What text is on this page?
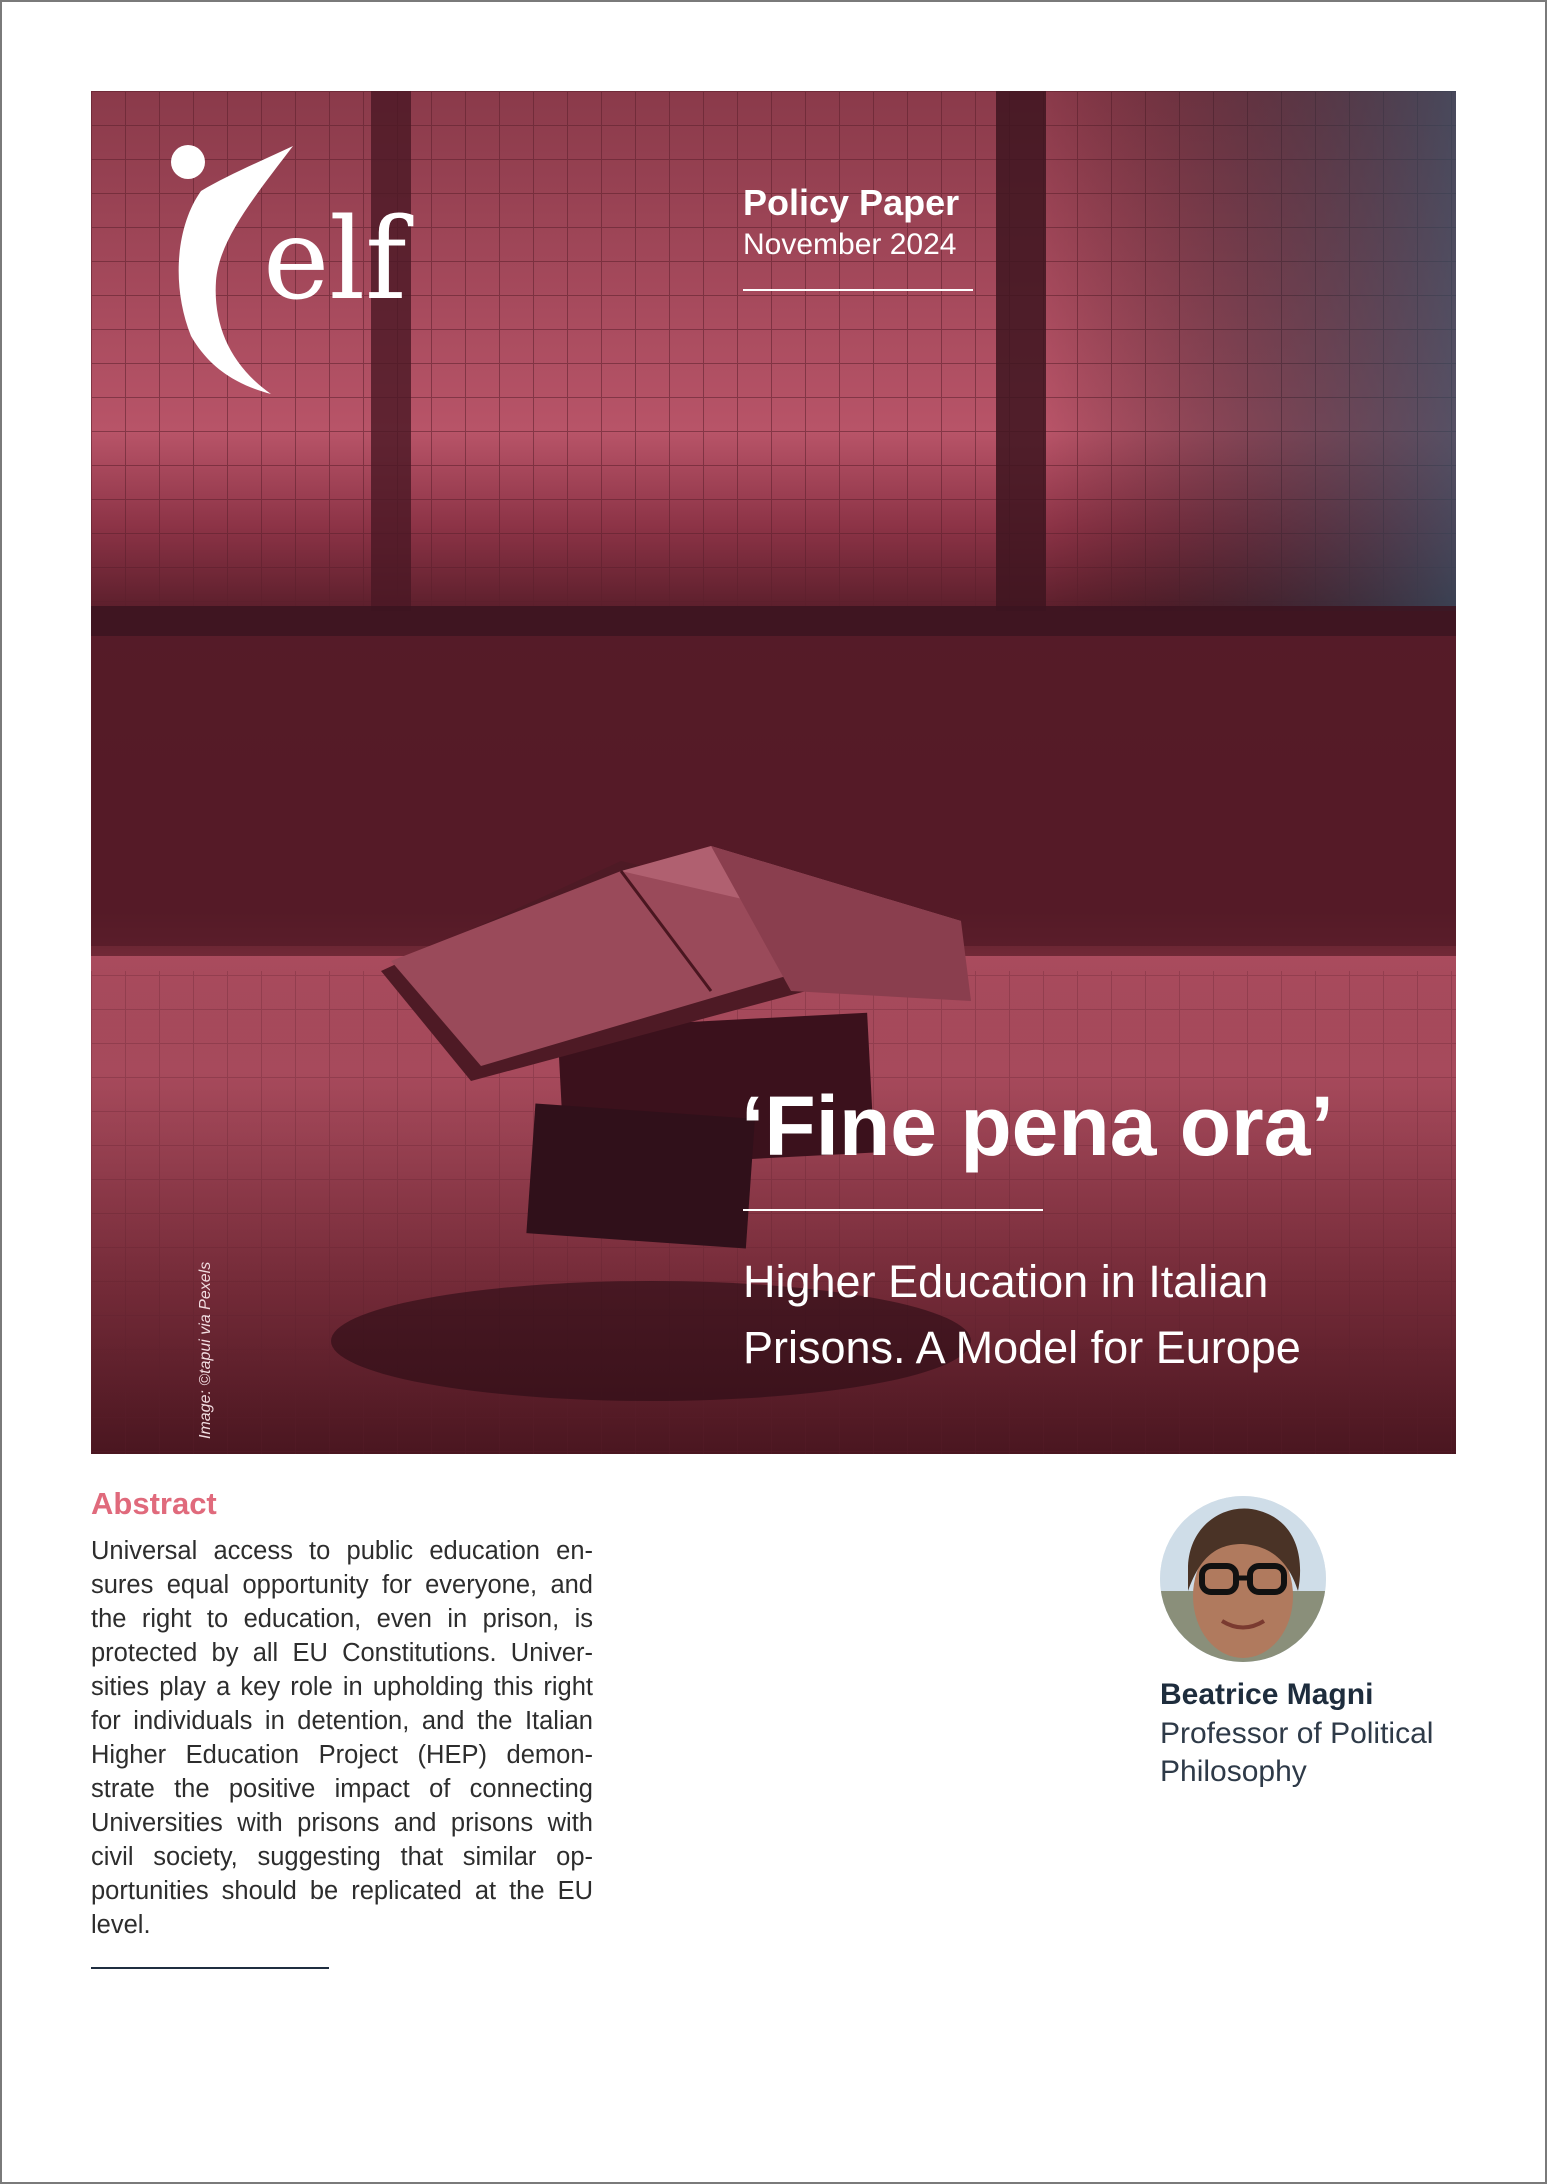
elf
Image: ©tapui via Pexels
Policy Paper
November 2024
‘Fine pena ora’
Higher Education in Italian Prisons. A Model for Europe
Abstract
Universal access to public education ensures equal opportunity for everyone, and the right to education, even in prison, is protected by all EU Constitutions. Universities play a key role in upholding this right for individuals in detention, and the Italian Higher Education Project (HEP) demonstrate the positive impact of connecting Universities with prisons and prisons with civil society, suggesting that similar opportunities should be replicated at the EU level.
Beatrice Magni
Professor of Political Philosophy
